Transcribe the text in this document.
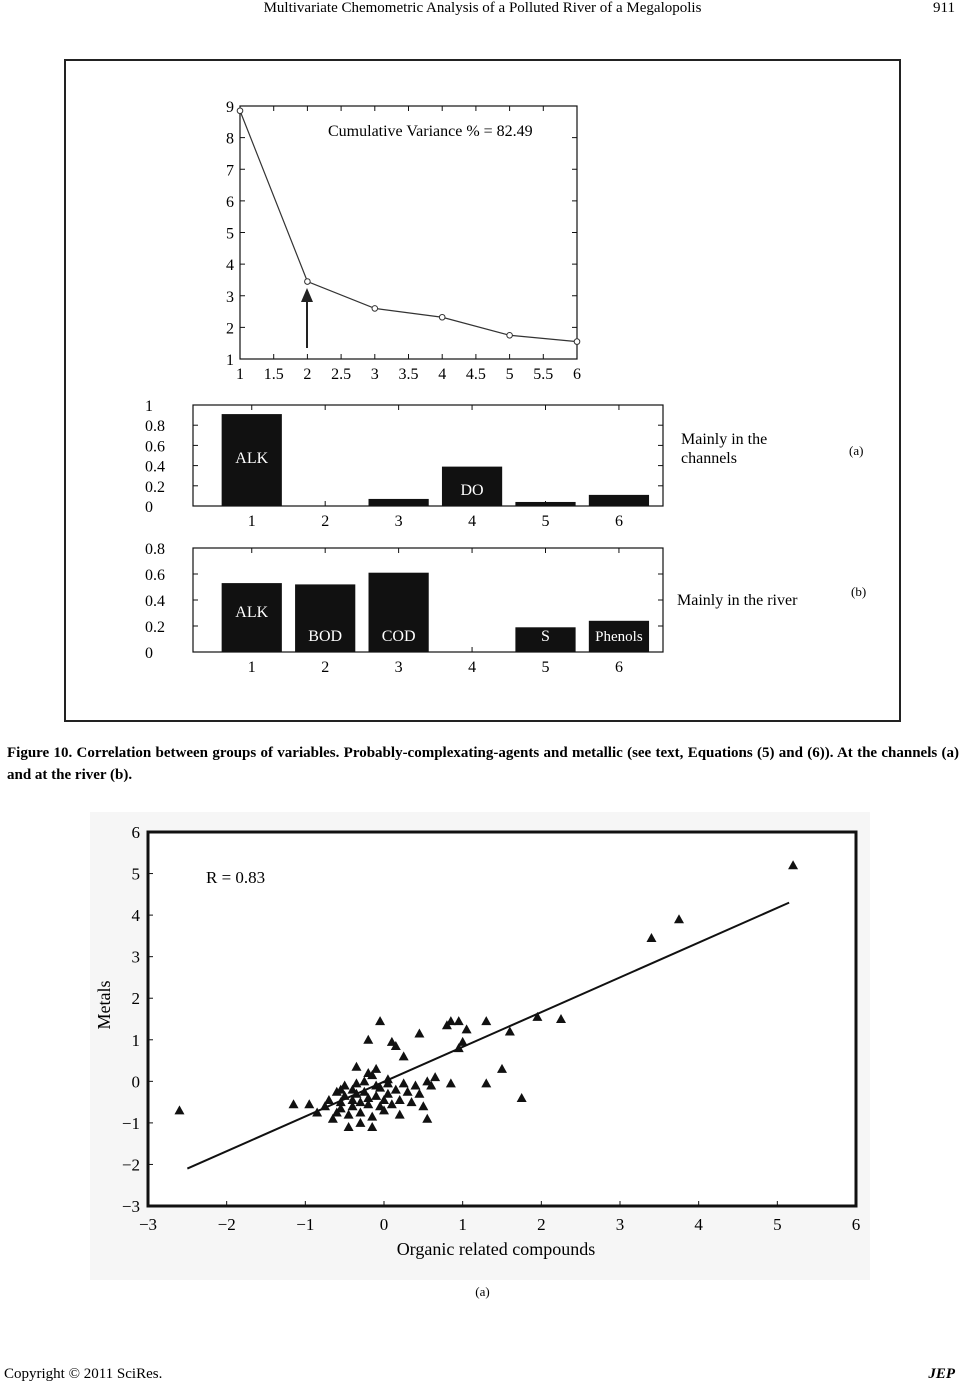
Multivariate Chemometric Analysis of a Polluted River of a Megalopolis	911
Cumulative Variance % = 82.49
1 1.5 2 2.5 3 3.5 4 4.5 5 5.5 6
1
2
3
4
5
6
7
8
9
0
0.2
0.4
0.6
0.8
1
1	2	3	4	5	6
ALK
DO
Mainly in the
channels	(a)
0
0.2
0.4
0.6
0.8
1	2	3	4	5	6
ALK
BOD COD	S	Phenols
Mainly in the river
(b)
Figure 10. Correlation between groups of variables. Probably-complexating-agents and metallic (see text, Equations (5) and (6)). At the channels (a) and at the river (b).
R = 0.83
Organic related compounds
Metals
−3	−2	−1	0	1	2	3	4	5	6
−3
−2
−1
0
1
2
3
4
5
6
(a)
Copyright © 2011 SciRes.	JEP
